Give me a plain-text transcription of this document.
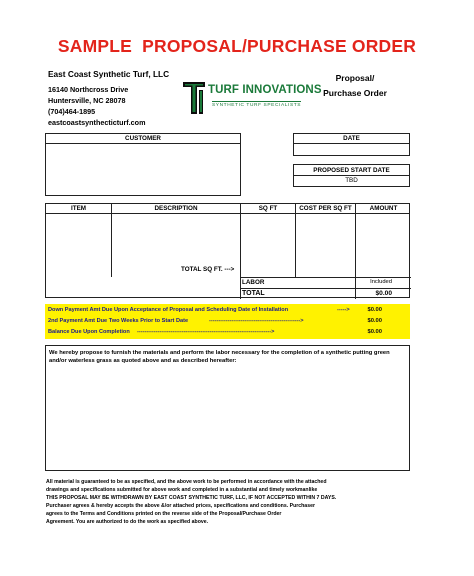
SAMPLE  PROPOSAL/PURCHASE ORDER
East Coast Synthetic Turf, LLC
16140 Northcross Drive
Huntersville, NC 28078
(704)464-1895
eastcoastsynthecticturf.com
TURF INNOVATIONS
SYNTHETIC TURF SPECIALISTS
Proposal/
Purchase Order
CUSTOMER	DATE
PROPOSED START DATE
TBD
ITEM	DESCRIPTION	SQ FT	COST PER SQ FT	AMOUNT
TOTAL SQ FT. --->
LABOR	Included
TOTAL	$0.00
Down Payment Amt Due Upon Acceptance of Proposal and Scheduling Date of Installation	----->	$0.00
2nd Payment Amt Due Two Weeks Prior to Start Date	------------------------------------------------->	$0.00
Balance Due Upon Completion ------------------------------------------------------------------------>	$0.00
We hereby propose to furnish the materials and perform the labor necessary for the completion of a synthetic putting green and/or waterless grass as quoted above and as described hereafter:
All material is guaranteed to be as specified, and the above work to be performed in accordance with the attached
drawings and specifications submitted for above work and completed in a substantial and timely workmanlike
THIS PROPOSAL MAY BE WITHDRAWN BY EAST COAST SYNTHETIC TURF, LLC, IF NOT ACCEPTED WITHIN 7 DAYS.
Purchaser agrees & hereby accepts the above &/or attached prices, specifications and conditions. Purchaser
agrees to the Terms and Conditions printed on the reverse side of the Proposal/Purchase Order
Agreement. You are authorized to do the work as specified above.
